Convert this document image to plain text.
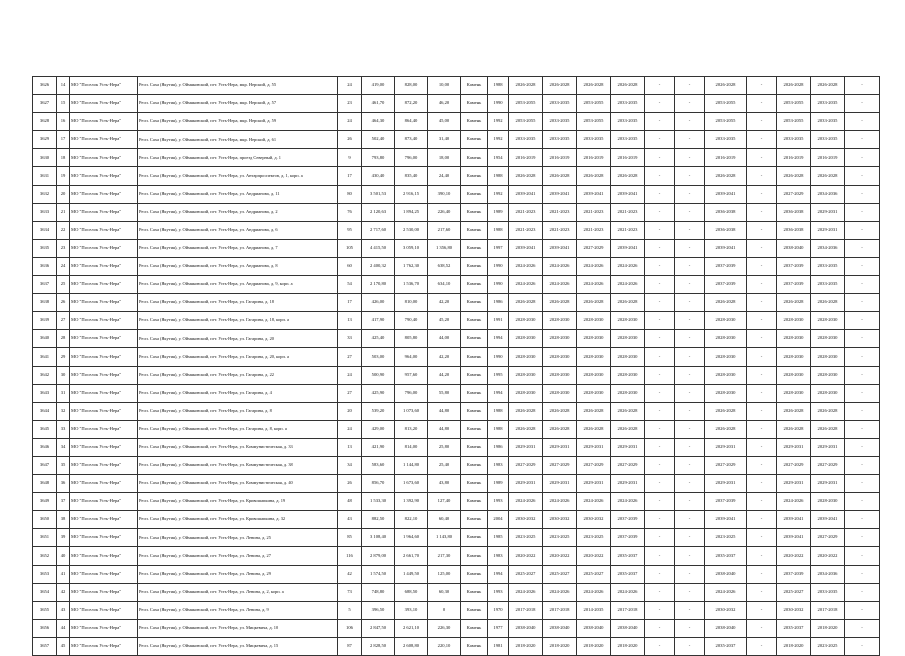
3626	14	МО "Поселок Усть-Нера"	Респ. Саха (Якутия), у. Оймяконский, пгт. Усть-Нера, мкр. Нерский, д. 55	24	419,00	828,00	10,00	Камень	1988	2026-2028	2026-2028	2026-2028	2026-2028	-	-	2026-2028	-	2026-2028	2026-2028	-
3627	15	МО "Поселок Усть-Нера"	Респ. Саха (Якутия), у. Оймяконский, пгт. Усть-Нера, мкр. Нерский, д. 57	23	461,70	872,20	46,20	Камень	1990	2053-2055	2033-2035	2053-2055	2033-2035	-	-	2053-2055	-	2053-2055	2033-2035	-
3628	16	МО "Поселок Усть-Нера"	Респ. Саха (Якутия), у. Оймяконский, пгт. Усть-Нера, мкр. Нерский, д. 59	24	464,30	864,40	45,00	Камень	1992	2053-2055	2033-2035	2053-2055	2033-2035	-	-	2053-2055	-	2053-2055	2033-2035	-
3629	17	МО "Поселок Усть-Нера"	Респ. Саха (Якутия), у. Оймяконский, пгт. Усть-Нера, мкр. Нерский, д. 61	26	502,40	873,40	31,40	Камень	1992	2033-2035	2033-2035	2033-2035	2033-2035	-	-	2033-2035	-	2033-2035	2033-2035	-
3630	18	МО "Поселок Усть-Нера"	Респ. Саха (Якутия), у. Оймяконский, пгт. Усть-Нера, проезд Северный, д. 1	9	793,80	796,00	18,00	Камень	1954	2016-2019	2016-2019	2016-2019	2016-2019	-	-	2016-2019	-	2016-2019	2016-2019	-
3631	19	МО "Поселок Усть-Нера"	Респ. Саха (Якутия), у. Оймяконский, пгт. Усть-Нера, ул. Антарпроспектов, д. 1, корп. а	17	430,40	835,40	24,40	Камень	1988	2026-2028	2026-2028	2026-2028	2026-2028	-	-	2026-2028	-	2026-2028	2026-2028	-
3632	20	МО "Поселок Усть-Нера"	Респ. Саха (Якутия), у. Оймяконский, пгт. Усть-Нера, ул. Андрианова, д. 11	80	3 501,53	2 916,15	390,10	Камень	1992	2039-2041	2039-2041	2039-2041	2039-2041	-	-	2039-2041	-	2027-2029	2034-2036	-
3633	21	МО "Поселок Усть-Нера"	Респ. Саха (Якутия), у. Оймяконский, пгт. Усть-Нера, ул. Андрианова, д. 2	76	2 120,63	1 894,25	226,40	Камень	1989	2021-2023	2021-2023	2021-2023	2021-2023	-	-	2036-2038	-	2036-2038	2029-2031	-
3634	22	МО "Поселок Усть-Нера"	Респ. Саха (Якутия), у. Оймяконский, пгт. Усть-Нера, ул. Андрианова, д. 6	95	2 717,60	2 530,00	217,60	Камень	1988	2021-2023	2021-2023	2021-2023	2021-2023	-	-	2036-2038	-	2036-2038	2029-2031	-
3635	23	МО "Поселок Усть-Нера"	Респ. Саха (Якутия), у. Оймяконский, пгт. Усть-Нера, ул. Андрианова, д. 7	105	4 415,50	3 059,10	1 356,80	Камень	1997	2039-2041	2039-2041	2027-2029	2039-2041	-	-	2039-2041	-	2038-2040	2034-2036	-
3636	24	МО "Поселок Усть-Нера"	Респ. Саха (Якутия), у. Оймяконский, пгт. Усть-Нера, ул. Андрианова, д. 8	60	2 400,32	1 762,30	638,52	Камень	1990	2024-2026	2024-2026	2024-2026	2024-2026	-	-	2037-2039	-	2037-2039	2033-2035	-
3637	25	МО "Поселок Усть-Нера"	Респ. Саха (Якутия), у. Оймяконский, пгт. Усть-Нера, ул. Андрианова, д. 9, корп. а	54	2 170,80	1 536,70	634,10	Камень	1990	2024-2026	2024-2026	2024-2026	2024-2026	-	-	2037-2039	-	2037-2039	2033-2035	-
3638	26	МО "Поселок Усть-Нера"	Респ. Саха (Якутия), у. Оймяконский, пгт. Усть-Нера, ул. Гагарина, д. 18	17	426,00	810,00	42,20	Камень	1986	2026-2028	2026-2028	2026-2028	2026-2028	-	-	2026-2028	-	2026-2028	2026-2028	-
3639	27	МО "Поселок Усть-Нера"	Респ. Саха (Якутия), у. Оймяконский, пгт. Усть-Нера, ул. Гагарина, д. 18, корп. а	13	417,90	790,40	45,20	Камень	1991	2028-2030	2028-2030	2028-2030	2028-2030	-	-	2028-2030	-	2028-2030	2028-2030	-
3640	28	МО "Поселок Усть-Нера"	Респ. Саха (Якутия), у. Оймяконский, пгт. Усть-Нера, ул. Гагарина, д. 20	33	425,40	805,80	44,00	Камень	1994	2028-2030	2028-2030	2028-2030	2028-2030	-	-	2028-2030	-	2028-2030	2028-2030	-
3641	29	МО "Поселок Усть-Нера"	Респ. Саха (Якутия), у. Оймяконский, пгт. Усть-Нера, ул. Гагарина, д. 20, корп. а	27	503,00	964,00	42,20	Камень	1990	2028-2030	2028-2030	2028-2030	2028-2030	-	-	2028-2030	-	2028-2030	2028-2030	-
3642	30	МО "Поселок Усть-Нера"	Респ. Саха (Якутия), у. Оймяконский, пгт. Усть-Нера, ул. Гагарина, д. 22	24	500,90	957,60	44,20	Камень	1995	2028-2030	2028-2030	2028-2030	2028-2030	-	-	2028-2030	-	2028-2030	2028-2030	-
3643	31	МО "Поселок Усть-Нера"	Респ. Саха (Якутия), у. Оймяконский, пгт. Усть-Нера, ул. Гагарина, д. 4	27	425,90	796,00	55,80	Камень	1994	2028-2030	2028-2030	2028-2030	2028-2030	-	-	2028-2030	-	2028-2030	2028-2030	-
3644	32	МО "Поселок Усть-Нера"	Респ. Саха (Якутия), у. Оймяконский, пгт. Усть-Нера, ул. Гагарина, д. 8	20	539,20	1 073,60	44,80	Камень	1988	2026-2028	2026-2028	2026-2028	2026-2028	-	-	2026-2028	-	2026-2028	2026-2028	-
3645	33	МО "Поселок Усть-Нера"	Респ. Саха (Якутия), у. Оймяконский, пгт. Усть-Нера, ул. Гагарина, д. 8, корп. а	24	429,00	813,20	44,80	Камень	1988	2026-2028	2026-2028	2026-2028	2026-2028	-	-	2026-2028	-	2026-2028	2026-2028	-
3646	34	МО "Поселок Усть-Нера"	Респ. Саха (Якутия), у. Оймяконский, пгт. Усть-Нера, ул. Коммунистическая, д. 33	13	421,90	814,00	25,80	Камень	1986	2029-2031	2029-2031	2029-2031	2029-2031	-	-	2029-2031	-	2029-2031	2029-2031	-
3647	35	МО "Поселок Усть-Нера"	Респ. Саха (Якутия), у. Оймяконский, пгт. Усть-Нера, ул. Коммунистическая, д. 38	34	583,60	1 144,80	25,40	Камень	1983	2027-2029	2027-2029	2027-2029	2027-2029	-	-	2027-2029	-	2027-2029	2027-2029	-
3648	36	МО "Поселок Усть-Нера"	Респ. Саха (Якутия), у. Оймяконский, пгт. Усть-Нера, ул. Коммунистическая, д. 40	26	856,70	1 673,60	43,80	Камень	1989	2029-2031	2029-2031	2029-2031	2029-2031	-	-	2029-2031	-	2029-2031	2029-2031	-
3649	37	МО "Поселок Усть-Нера"	Респ. Саха (Якутия), у. Оймяконский, пгт. Усть-Нера, ул. Кривошапкина, д. 19	48	1 533,30	1 392,90	127,40	Камень	1993	2024-2026	2024-2026	2024-2026	2024-2026	-	-	2037-2039	-	2024-2026	2028-2030	-
3650	38	МО "Поселок Усть-Нера"	Респ. Саха (Якутия), у. Оймяконский, пгт. Усть-Нера, ул. Кривошапкина, д. 32	43	882,50	822,10	60,40	Камень	2004	2030-2032	2030-2032	2030-2032	2037-2039	-	-	2039-2041	-	2039-2041	2039-2041	-
3651	39	МО "Поселок Усть-Нера"	Респ. Саха (Якутия), у. Оймяконский, пгт. Усть-Нера, ул. Ленина, д. 25	85	3 108,40	1 964,60	1 143,80	Камень	1985	2023-2025	2023-2025	2023-2025	2037-2039	-	-	2023-2025	-	2039-2041	2027-2029	-
3652	40	МО "Поселок Усть-Нера"	Респ. Саха (Якутия), у. Оймяконский, пгт. Усть-Нера, ул. Ленина, д. 27	116	2 879,00	2 661,70	217,30	Камень	1983	2020-2022	2020-2022	2020-2022	2035-2037	-	-	2035-2037	-	2020-2022	2020-2022	-
3653	41	МО "Поселок Усть-Нера"	Респ. Саха (Якутия), у. Оймяконский, пгт. Усть-Нера, ул. Ленина, д. 29	42	1 574,50	1 449,50	125,00	Камень	1994	2025-2027	2025-2027	2025-2027	2035-2037	-	-	2038-2040	-	2037-2039	2034-2036	-
3654	42	МО "Поселок Усть-Нера"	Респ. Саха (Якутия), у. Оймяконский, пгт. Усть-Нера, ул. Ленина, д. 2, корп. а	73	748,80	688,50	60,30	Камень	1993	2024-2026	2024-2026	2024-2026	2024-2026	-	-	2024-2026	-	2025-2027	2033-2035	-
3655	43	МО "Поселок Усть-Нера"	Респ. Саха (Якутия), у. Оймяконский, пгт. Усть-Нера, ул. Ленина, д. 9	5	396,50	393,10	0	Камень	1970	2017-2018	2017-2018	2014-2035	2017-2018	-	-	2030-2032	-	2030-2032	2017-2018	-
3656	44	МО "Поселок Усть-Нера"	Респ. Саха (Якутия), у. Оймяконский, пгт. Усть-Нера, ул. Мицкевича, д. 10	106	2 847,50	2 621,10	226,30	Камень	1977	2038-2040	2038-2040	2038-2040	2038-2040	-	-	2038-2040	-	2035-2037	2018-2020	-
3657	45	МО "Поселок Усть-Нера"	Респ. Саха (Якутия), у. Оймяконский, пгт. Усть-Нера, ул. Мицкевича, д. 15	87	2 828,50	2 608,80	220,10	Камень	1981	2018-2020	2018-2020	2018-2020	2018-2020	-	-	2035-2037	-	2018-2020	2023-2025	-
